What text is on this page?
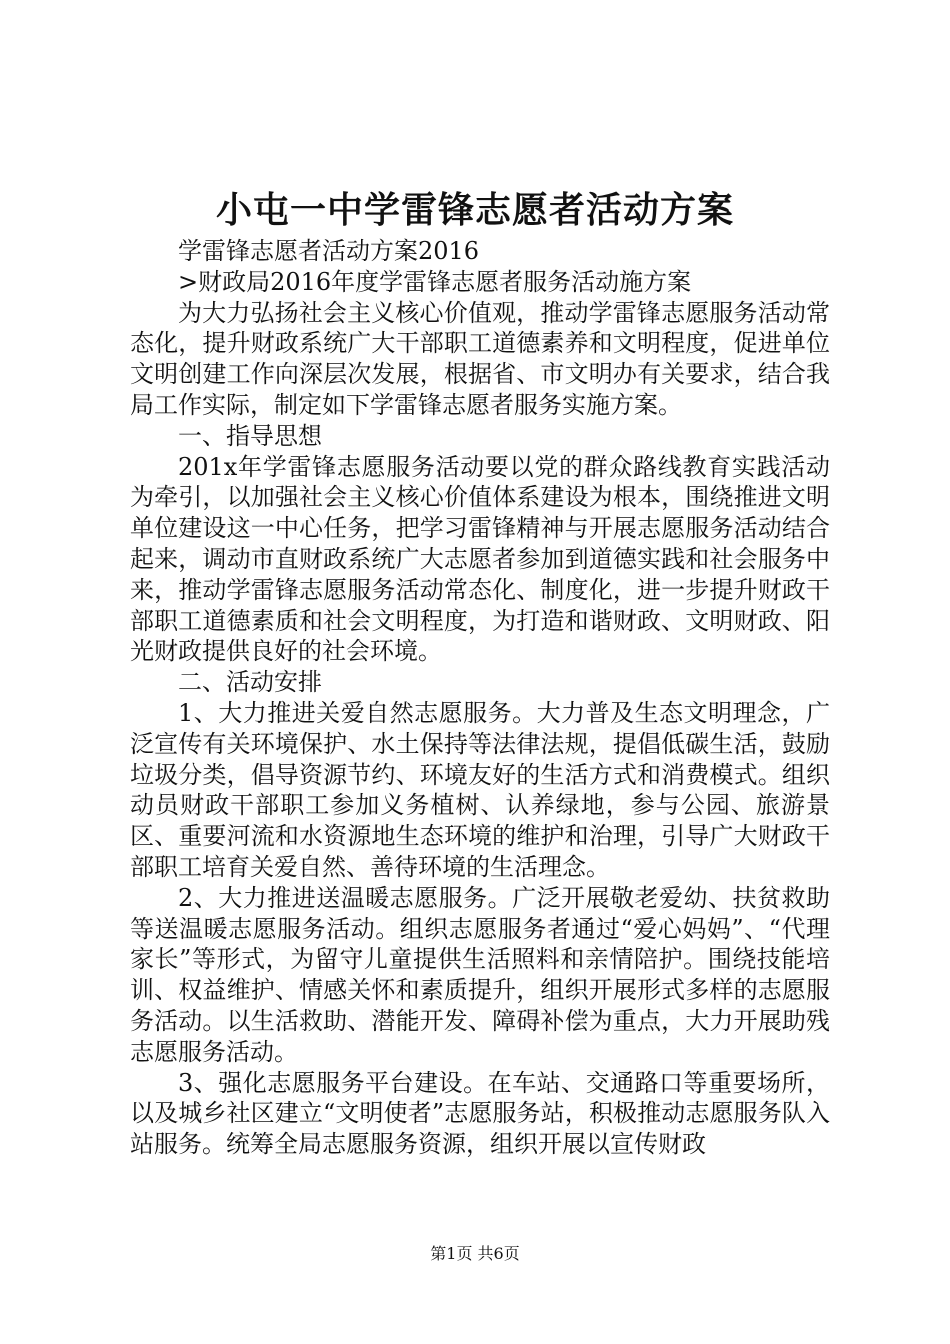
小屯一中学雷锋志愿者活动方案

学雷锋志愿者活动方案2016

>财政局2016年度学雷锋志愿者服务活动施方案

为大力弘扬社会主义核心价值观，推动学雷锋志愿服务活动常态化，提升财政系统广大干部职工道德素养和文明程度，促进单位文明创建工作向深层次发展，根据省、市文明办有关要求，结合我局工作实际，制定如下学雷锋志愿者服务实施方案。

一、指导思想

201x年学雷锋志愿服务活动要以党的群众路线教育实践活动为牵引，以加强社会主义核心价值体系建设为根本，围绕推进文明单位建设这一中心任务，把学习雷锋精神与开展志愿服务活动结合起来，调动市直财政系统广大志愿者参加到道德实践和社会服务中来，推动学雷锋志愿服务活动常态化、制度化，进一步提升财政干部职工道德素质和社会文明程度，为打造和谐财政、文明财政、阳光财政提供良好的社会环境。

二、活动安排

1、大力推进关爱自然志愿服务。大力普及生态文明理念，广泛宣传有关环境保护、水土保持等法律法规，提倡低碳生活，鼓励垃圾分类，倡导资源节约、环境友好的生活方式和消费模式。组织动员财政干部职工参加义务植树、认养绿地，参与公园、旅游景区、重要河流和水资源地生态环境的维护和治理，引导广大财政干部职工培育关爱自然、善待环境的生活理念。

2、大力推进送温暖志愿服务。广泛开展敬老爱幼、扶贫救助等送温暖志愿服务活动。组织志愿服务者通过“爱心妈妈”、“代理家长”等形式，为留守儿童提供生活照料和亲情陪护。围绕技能培训、权益维护、情感关怀和素质提升，组织开展形式多样的志愿服务活动。以生活救助、潜能开发、障碍补偿为重点，大力开展助残志愿服务活动。

3、强化志愿服务平台建设。在车站、交通路口等重要场所，以及城乡社区建立“文明使者”志愿服务站，积极推动志愿服务队入站服务。统筹全局志愿服务资源，组织开展以宣传财政

第1页 共6页
